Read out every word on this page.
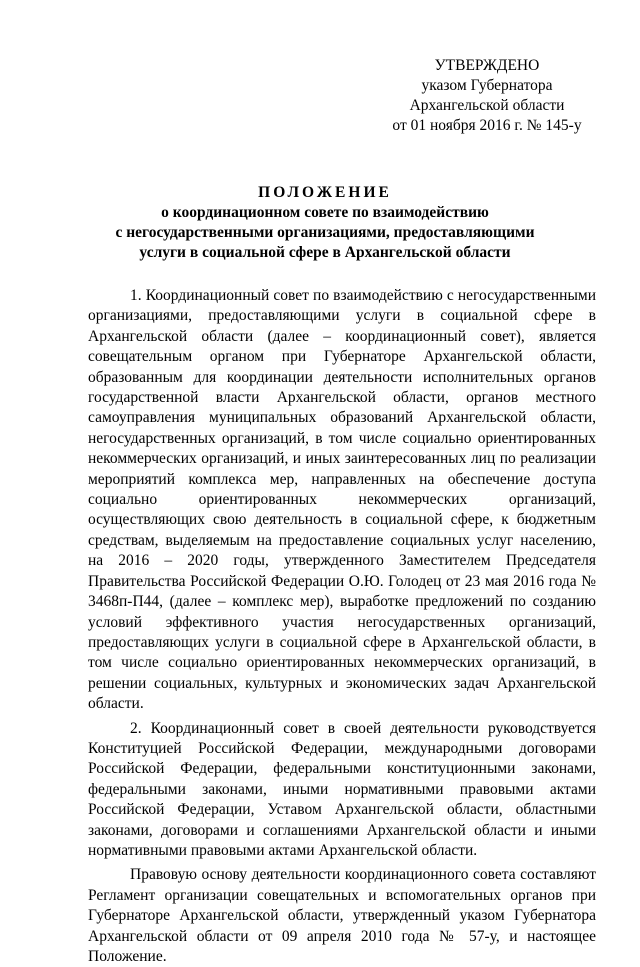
УТВЕРЖДЕНО
указом Губернатора
Архангельской области
от 01 ноября 2016 г. № 145-у
ПОЛОЖЕНИЕ
о координационном совете по взаимодействию
с негосударственными организациями, предоставляющими
услуги в социальной сфере в Архангельской области

1. Координационный совет по взаимодействию с негосударственными организациями, предоставляющими услуги в социальной сфере в Архангельской области (далее – координационный совет), является совещательным органом при Губернаторе Архангельской области, образованным для координации деятельности исполнительных органов государственной власти Архангельской области, органов местного самоуправления муниципальных образований Архангельской области, негосударственных организаций, в том числе социально ориентированных некоммерческих организаций, и иных заинтересованных лиц по реализации мероприятий комплекса мер, направленных на обеспечение доступа социально ориентированных некоммерческих организаций, осуществляющих свою деятельность в социальной сфере, к бюджетным средствам, выделяемым на предоставление социальных услуг населению, на 2016 – 2020 годы, утвержденного Заместителем Председателя Правительства Российской Федерации О.Ю. Голодец от 23 мая 2016 года № 3468п-П44, (далее – комплекс мер), выработке предложений по созданию условий эффективного участия негосударственных организаций, предоставляющих услуги в социальной сфере в Архангельской области, в том числе социально ориентированных некоммерческих организаций, в решении социальных, культурных и экономических задач Архангельской области.

2. Координационный совет в своей деятельности руководствуется Конституцией Российской Федерации, международными договорами Российской Федерации, федеральными конституционными законами, федеральными законами, иными нормативными правовыми актами Российской Федерации, Уставом Архангельской области, областными законами, договорами и соглашениями Архангельской области и иными нормативными правовыми актами Архангельской области.

Правовую основу деятельности координационного совета составляют Регламент организации совещательных и вспомогательных органов при Губернаторе Архангельской области, утвержденный указом Губернатора Архангельской области от 09 апреля 2010 года № 57-у, и настоящее Положение.
